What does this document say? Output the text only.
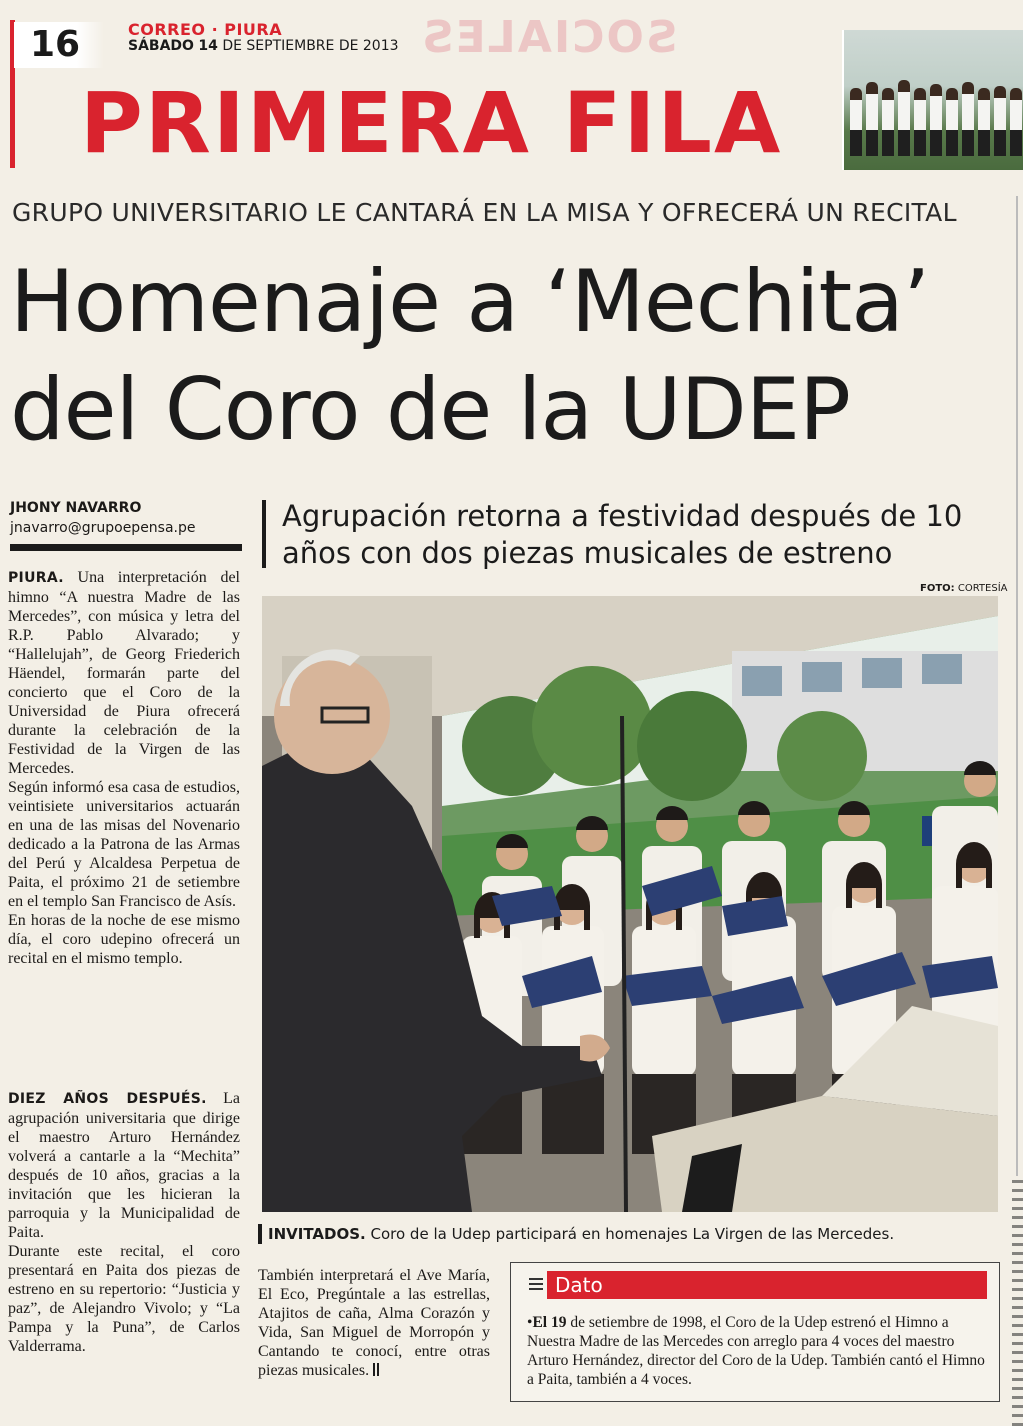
16	CORREO · PIURA
SÁBADO 14 DE SEPTIEMBRE DE 2013 SOCIALES
PRIMERA FILA
GRUPO UNIVERSITARIO LE CANTARÁ EN LA MISA Y OFRECERÁ UN RECITAL
Homenaje a ‘Mechita’
del Coro de la UDEP
JHONY NAVARRO
jnavarro@grupoepensa.pe	Agrupación retorna a festividad después de 10 años con dos piezas musicales de estreno
FOTO: CORTESÍA
INVITADOS. Coro de la Udep participará en homenajes La Virgen de las Mercedes.

PIURA. Una interpretación del himno “A nuestra Madre de las Mercedes”, con música y letra del R.P. Pablo Alvarado; y “Hallelujah”, de Georg Friederich Häendel, formarán parte del concierto que el Coro de la Universidad de Piura ofrecerá durante la celebración de la Festividad de la Virgen de las Mercedes.

Según informó esa casa de estudios, veintisiete universitarios actuarán en una de las misas del Novenario dedicado a la Patrona de las Armas del Perú y Alcaldesa Perpetua de Paita, el próximo 21 de setiembre en el templo San Francisco de Asís.

En horas de la noche de ese mismo día, el coro udepino ofrecerá un recital en el mismo templo.

DIEZ AÑOS DESPUÉS. La agrupación universitaria que dirige el maestro Arturo Hernández volverá a cantarle a la “Mechita” después de 10 años, gracias a la invitación que les hicieran la parroquia y la Municipalidad de Paita.

Durante este recital, el coro presentará en Paita dos piezas de estreno en su repertorio: “Justicia y paz”, de Alejandro Vivolo; y “La Pampa y la Puna”, de Carlos Valderrama.

También interpretará el Ave María, El Eco, Pregúntale a las estrellas, Atajitos de caña, Alma Corazón y Vida, San Miguel de Morropón y Cantando te conocí, entre otras piezas musicales.

Dato
•El 19 de setiembre de 1998, el Coro de la Udep estrenó el Himno a Nuestra Madre de las Mercedes con arreglo para 4 voces del maestro Arturo Hernández, director del Coro de la Udep. También cantó el Himno a Paita, también a 4 voces.
